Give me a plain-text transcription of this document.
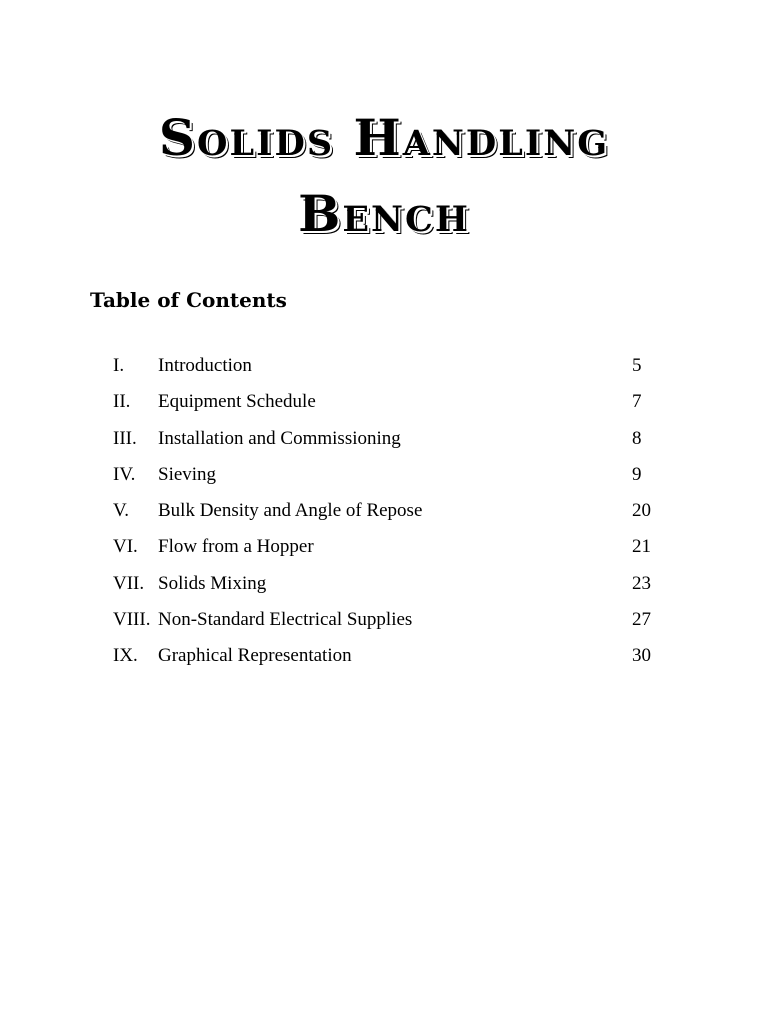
Solids Handling
Bench
Table of Contents
I. Introduction	5
II. Equipment Schedule	7
III. Installation and Commissioning	8
IV. Sieving	9
V. Bulk Density and Angle of Repose	20
VI. Flow from a Hopper	21
VII. Solids Mixing	23
VIII. Non-Standard Electrical Supplies	27
IX. Graphical Representation	30
